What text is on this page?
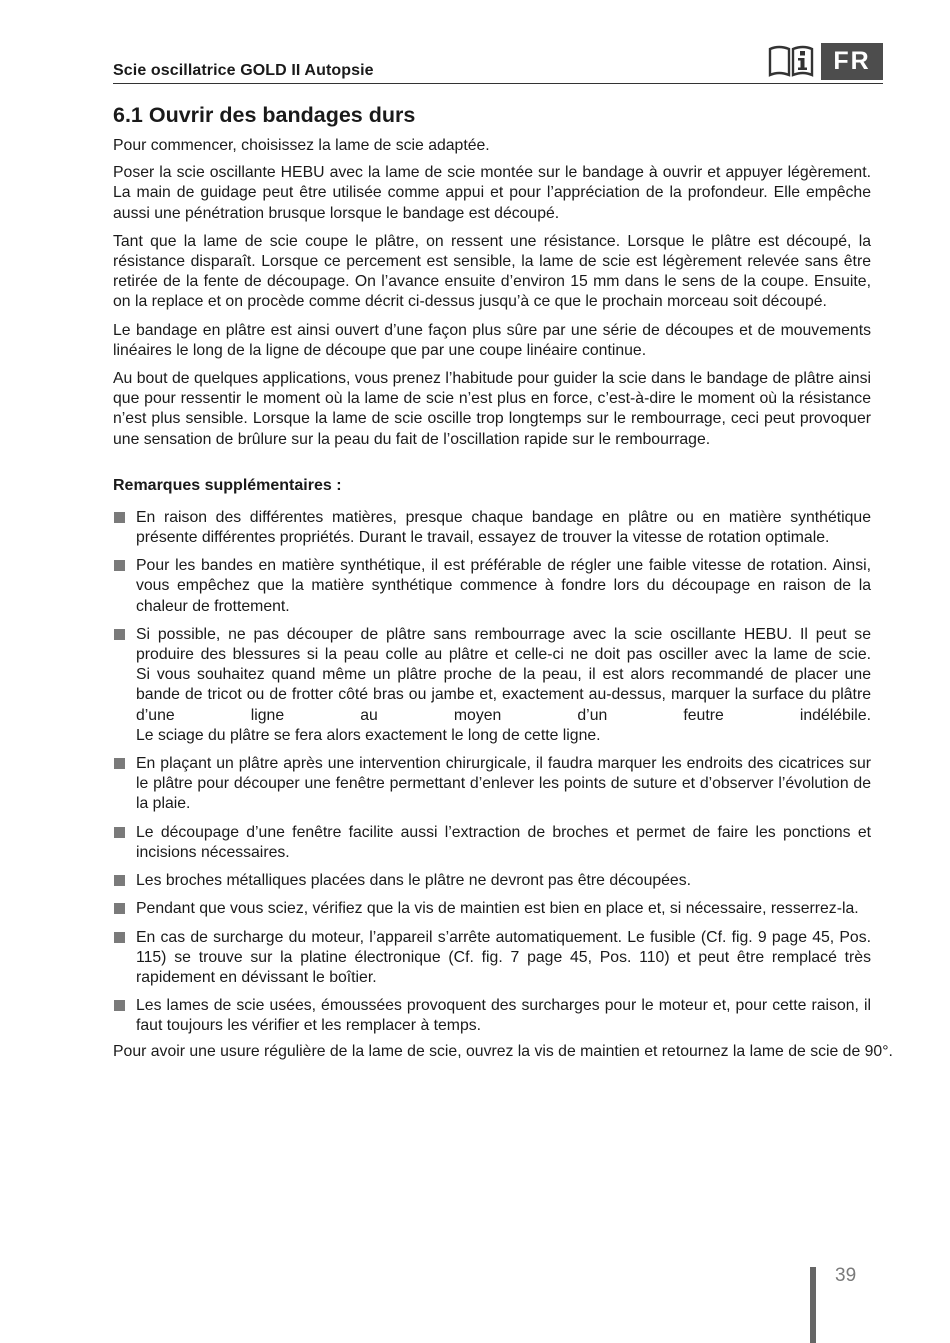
Scie oscillatrice GOLD II Autopsie	FR
6.1 Ouvrir des bandages durs

Pour commencer, choisissez la lame de scie adaptée.

Poser la scie oscillante HEBU avec la lame de scie montée sur le bandage à ouvrir et appuyer légèrement. La main de guidage peut être utilisée comme appui et pour l’appréciation de la profondeur. Elle empêche aussi une pénétration brusque lorsque le bandage est découpé.

Tant que la lame de scie coupe le plâtre, on ressent une résistance. Lorsque le plâtre est découpé, la résistance disparaît. Lorsque ce percement est sensible, la lame de scie est légèrement relevée sans être retirée de la fente de découpage. On l’avance ensuite d’environ 15 mm dans le sens de la coupe. Ensuite, on la replace et on procède comme décrit ci-dessus jusqu’à ce que le prochain morceau soit découpé.

Le bandage en plâtre est ainsi ouvert d’une façon plus sûre par une série de découpes et de mouvements linéaires le long de la ligne de découpe que par une coupe linéaire continue.

Au bout de quelques applications, vous prenez l’habitude pour guider la scie dans le bandage de plâtre ainsi que pour ressentir le moment où la lame de scie n’est plus en force, c’est-à-dire le moment où la résistance n’est plus sensible. Lorsque la lame de scie oscille trop longtemps sur le rembourrage, ceci peut provoquer une sensation de brûlure sur la peau du fait de l’oscillation rapide sur le rembourrage.

Remarques supplémentaires :
En raison des différentes matières, presque chaque bandage en plâtre ou en matière synthétique présente différentes propriétés. Durant le travail, essayez de trouver la vitesse de rotation optimale.
Pour les bandes en matière synthétique, il est préférable de régler une faible vitesse de rotation. Ainsi, vous empêchez que la matière synthétique commence à fondre lors du découpage en raison de la chaleur de frottement.
Si possible, ne pas découper de plâtre sans rembourrage avec la scie oscillante HEBU. Il peut se produire des blessures si la peau colle au plâtre et celle-ci ne doit pas osciller avec la lame de scie.
Si vous souhaitez quand même un plâtre proche de la peau, il est alors recommandé de placer une bande de tricot ou de frotter côté bras ou jambe et, exactement au-dessus, marquer la surface du plâtre d’une ligne au moyen d’un feutre indélébile.
Le sciage du plâtre se fera alors exactement le long de cette ligne.
En plaçant un plâtre après une intervention chirurgicale, il faudra marquer les endroits des cicatrices sur le plâtre pour découper une fenêtre permettant d’enlever les points de suture et d’observer l’évolution de la plaie.
Le découpage d’une fenêtre facilite aussi l’extraction de broches et permet de faire les ponctions et incisions nécessaires.
Les broches métalliques placées dans le plâtre ne devront pas être découpées.
Pendant que vous sciez, vérifiez que la vis de maintien est bien en place et, si nécessaire, resserrez-la.
En cas de surcharge du moteur, l’appareil s’arrête automatiquement. Le fusible (Cf. fig. 9 page 45, Pos. 115) se trouve sur la platine électronique (Cf. fig. 7 page 45, Pos. 110) et peut être remplacé très rapidement en dévissant le boîtier.
Les lames de scie usées, émoussées provoquent des surcharges pour le moteur et, pour cette raison, il faut toujours les vérifier et les remplacer à temps.

Pour avoir une usure régulière de la lame de scie, ouvrez la vis de maintien et retournez la lame de scie de 90°.

39
